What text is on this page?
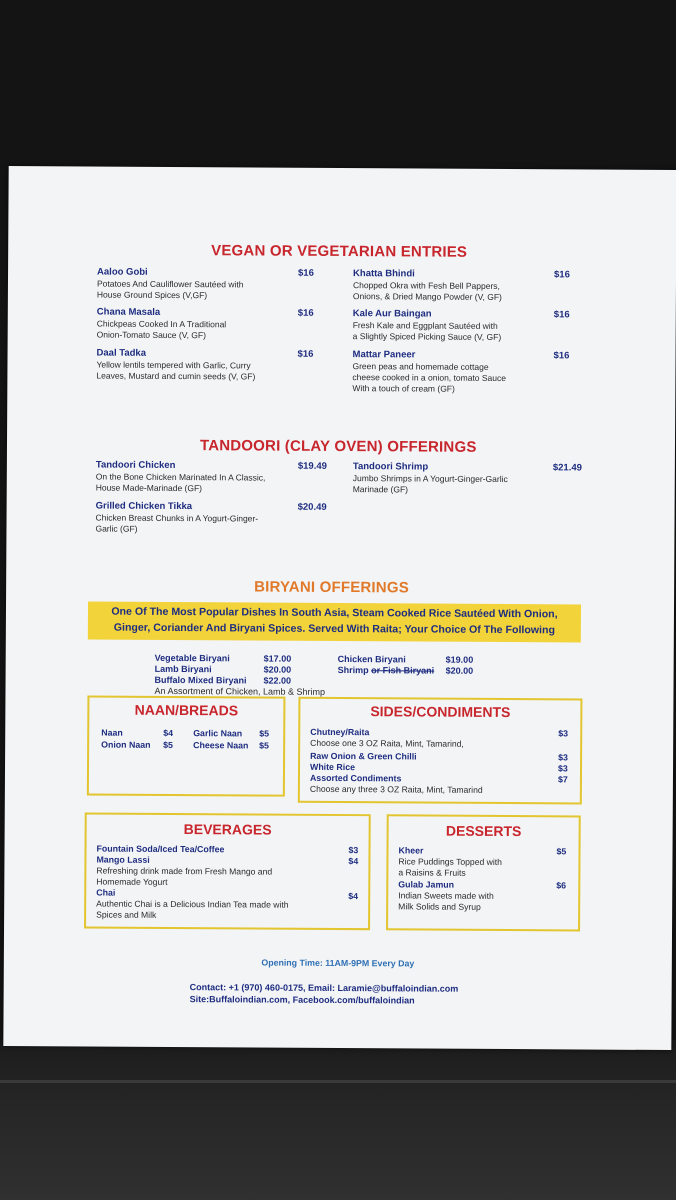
VEGAN OR VEGETARIAN ENTRIES
Aaloo Gobi
Potatoes And Cauliflower Sautéed with
House Ground Spices (V,GF)
$16
Chana Masala
Chickpeas Cooked In A Traditional
Onion-Tomato Sauce (V, GF)
$16
Daal Tadka
Yellow lentils tempered with Garlic, Curry
Leaves, Mustard and cumin seeds (V, GF)
$16
Khatta Bhindi
Chopped Okra with Fesh Bell Pappers,
Onions, & Dried Mango Powder (V, GF)
$16
Kale Aur Baingan
Fresh Kale and Eggplant Sautéed with
a Slightly Spiced Picking Sauce (V, GF)
$16
Mattar Paneer
Green peas and homemade cottage
cheese cooked in a onion, tomato Sauce
With a touch of cream (GF)
$16
TANDOORI (CLAY OVEN) OFFERINGS
Tandoori Chicken
On the Bone Chicken Marinated In A Classic,
House Made-Marinade (GF)
$19.49
Grilled Chicken Tikka
Chicken Breast Chunks in A Yogurt-Ginger-
Garlic (GF)
$20.49
Tandoori Shrimp
Jumbo Shrimps in A Yogurt-Ginger-Garlic
Marinade (GF)
$21.49
BIRYANI OFFERINGS
One Of The Most Popular Dishes In South Asia, Steam Cooked Rice Sautéed With Onion,
Ginger, Coriander And Biryani Spices. Served With Raita; Your Choice Of The Following
Vegetable Biryani	$17.00
Lamb Biryani	$20.00
Buffalo Mixed Biryani $22.00
An Assortment of Chicken, Lamb & Shrimp
Chicken Biryani	$19.00
Shrimp or Fish Biryani $20.00
NAAN/BREADS
Naan	$4 Garlic Naan $5
Onion Naan $5 Cheese Naan $5
SIDES/CONDIMENTS
Chutney/Raita	$3
Choose one 3 OZ Raita, Mint, Tamarind,
Raw Onion & Green Chilli	$3
White Rice	$3
Assorted Condiments	$7
Choose any three 3 OZ Raita, Mint, Tamarind
BEVERAGES
Fountain Soda/Iced Tea/Coffee	$3
Mango Lassi	$4
Refreshing drink made from Fresh Mango and
Homemade Yogurt
Chai	$4
Authentic Chai is a Delicious Indian Tea made with
Spices and Milk
DESSERTS
Kheer	$5
Rice Puddings Topped with
a Raisins & Fruits
Gulab Jamun	$6
Indian Sweets made with
Milk Solids and Syrup
Opening Time: 11AM-9PM Every Day
Contact: +1 (970) 460-0175, Email: Laramie@buffaloindian.com
Site:Buffaloindian.com, Facebook.com/buffaloindian
